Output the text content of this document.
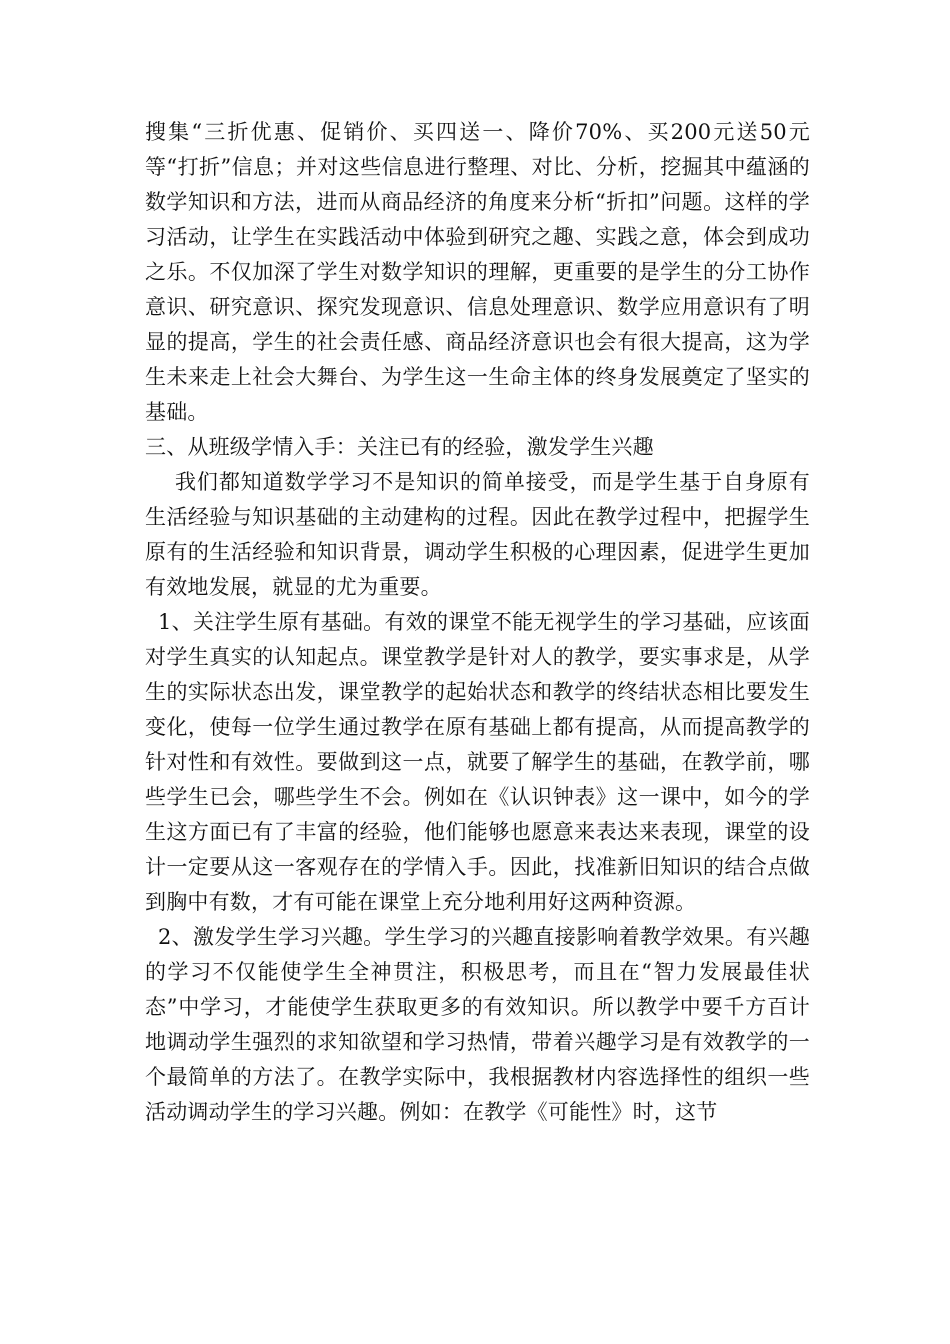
搜集“三折优惠、促销价、买四送一、降价70%、买200元送50元等“打折”信息；并对这些信息进行整理、对比、分析，挖掘其中蕴涵的数学知识和方法，进而从商品经济的角度来分析“折扣”问题。这样的学习活动，让学生在实践活动中体验到研究之趣、实践之意，体会到成功之乐。不仅加深了学生对数学知识的理解，更重要的是学生的分工协作意识、研究意识、探究发现意识、信息处理意识、数学应用意识有了明显的提高，学生的社会责任感、商品经济意识也会有很大提高，这为学生未来走上社会大舞台、为学生这一生命主体的终身发展奠定了坚实的基础。

三、从班级学情入手：关注已有的经验，激发学生兴趣

我们都知道数学学习不是知识的简单接受，而是学生基于自身原有生活经验与知识基础的主动建构的过程。因此在教学过程中，把握学生原有的生活经验和知识背景，调动学生积极的心理因素，促进学生更加有效地发展，就显的尤为重要。

1、关注学生原有基础。有效的课堂不能无视学生的学习基础，应该面对学生真实的认知起点。课堂教学是针对人的教学，要实事求是，从学生的实际状态出发，课堂教学的起始状态和教学的终结状态相比要发生变化，使每一位学生通过教学在原有基础上都有提高，从而提高教学的针对性和有效性。要做到这一点，就要了解学生的基础，在教学前，哪些学生已会，哪些学生不会。例如在《认识钟表》这一课中，如今的学生这方面已有了丰富的经验，他们能够也愿意来表达来表现，课堂的设计一定要从这一客观存在的学情入手。因此，找准新旧知识的结合点做到胸中有数，才有可能在课堂上充分地利用好这两种资源。

2、激发学生学习兴趣。学生学习的兴趣直接影响着教学效果。有兴趣的学习不仅能使学生全神贯注，积极思考，而且在“智力发展最佳状态”中学习，才能使学生获取更多的有效知识。所以教学中要千方百计地调动学生强烈的求知欲望和学习热情，带着兴趣学习是有效教学的一个最简单的方法了。在教学实际中，我根据教材内容选择性的组织一些活动调动学生的学习兴趣。例如：在教学《可能性》时，这节
